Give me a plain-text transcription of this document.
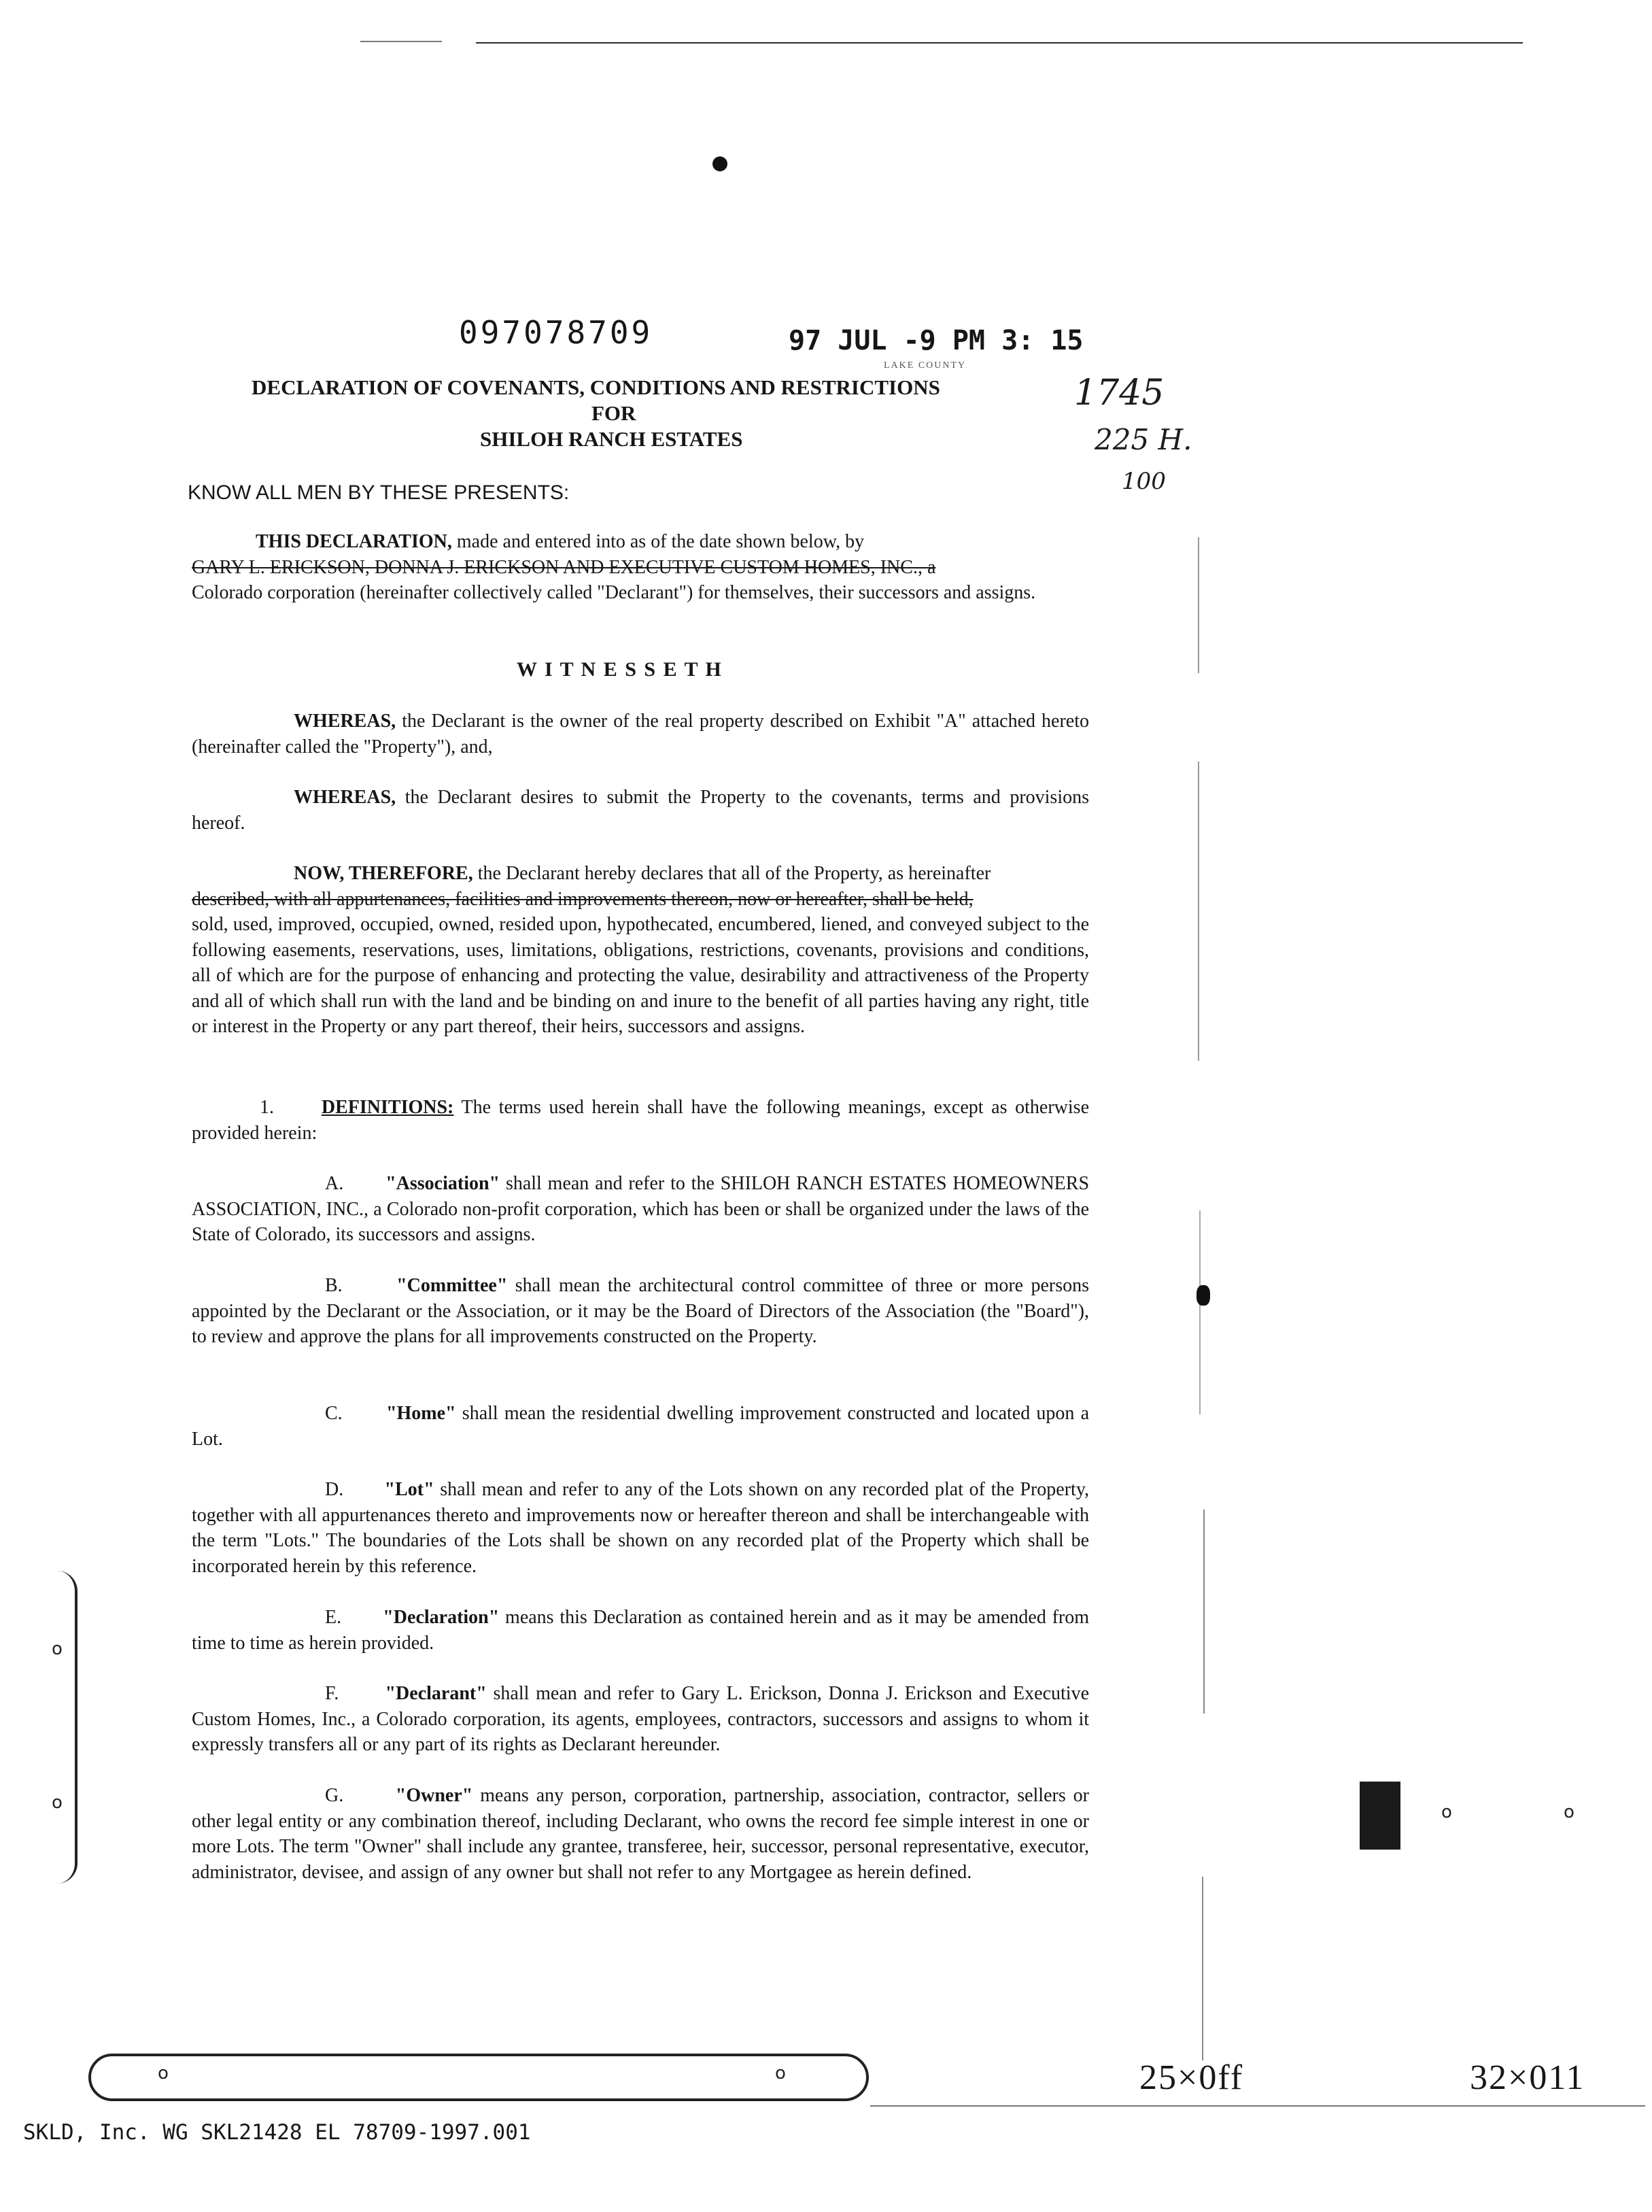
097078709	97 JUL -9 PM 3: 15
LAKE COUNTY
1745
225 H.
100
DECLARATION OF COVENANTS, CONDITIONS AND RESTRICTIONS
FOR
SHILOH RANCH ESTATES
KNOW ALL MEN BY THESE PRESENTS:
THIS DECLARATION, made and entered into as of the date shown below, by
GARY L. ERICKSON, DONNA J. ERICKSON AND EXECUTIVE CUSTOM HOMES, INC., a
Colorado corporation (hereinafter collectively called "Declarant") for themselves, their successors and assigns.
W I T N E S S E T H
WHEREAS, the Declarant is the owner of the real property described on Exhibit "A" attached hereto (hereinafter called the "Property"), and,
WHEREAS, the Declarant desires to submit the Property to the covenants, terms and provisions hereof.
NOW, THEREFORE, the Declarant hereby declares that all of the Property, as hereinafter
described, with all appurtenances, facilities and improvements thereon, now or hereafter, shall be held,
sold, used, improved, occupied, owned, resided upon, hypothecated, encumbered, liened, and conveyed subject to the following easements, reservations, uses, limitations, obligations, restrictions, covenants, provisions and conditions, all of which are for the purpose of enhancing and protecting the value, desirability and attractiveness of the Property and all of which shall run with the land and be binding on and inure to the benefit of all parties having any right, title or interest in the Property or any part thereof, their heirs, successors and assigns.
1. DEFINITIONS: The terms used herein shall have the following meanings, except as otherwise provided herein:
A. "Association" shall mean and refer to the SHILOH RANCH ESTATES HOMEOWNERS ASSOCIATION, INC., a Colorado non-profit corporation, which has been or shall be organized under the laws of the State of Colorado, its successors and assigns.
B.	"Committee" shall mean the architectural control committee of three or more persons appointed by the Declarant or the Association, or it may be the Board of Directors of the Association (the "Board"), to review and approve the plans for all improvements constructed on the Property.
C. "Home" shall mean the residential dwelling improvement constructed and located upon a Lot.
D. "Lot" shall mean and refer to any of the Lots shown on any recorded plat of the Property, together with all appurtenances thereto and improvements now or hereafter thereon and shall be interchangeable with the term "Lots." The boundaries of the Lots shall be shown on any recorded plat of the Property which shall be incorporated herein by this reference.
E. "Declaration" means this Declaration as contained herein and as it may be amended from time to time as herein provided.
F. "Declarant" shall mean and refer to Gary L. Erickson, Donna J. Erickson and Executive Custom Homes, Inc., a Colorado corporation, its agents, employees, contractors, successors and assigns to whom it expressly transfers all or any part of its rights as Declarant hereunder.
G.	"Owner" means any person, corporation, partnership, association, contractor, sellers or other legal entity or any combination thereof, including Declarant, who owns the record fee simple interest in one or more Lots. The term "Owner" shall include any grantee, transferee, heir, successor, personal representative, executor, administrator, devisee, and assign of any owner but shall not refer to any Mortgagee as herein defined.
o
o	o	o
o	o	25×0ff	32×011
SKLD, Inc. WG SKL21428 EL 78709-1997.001
